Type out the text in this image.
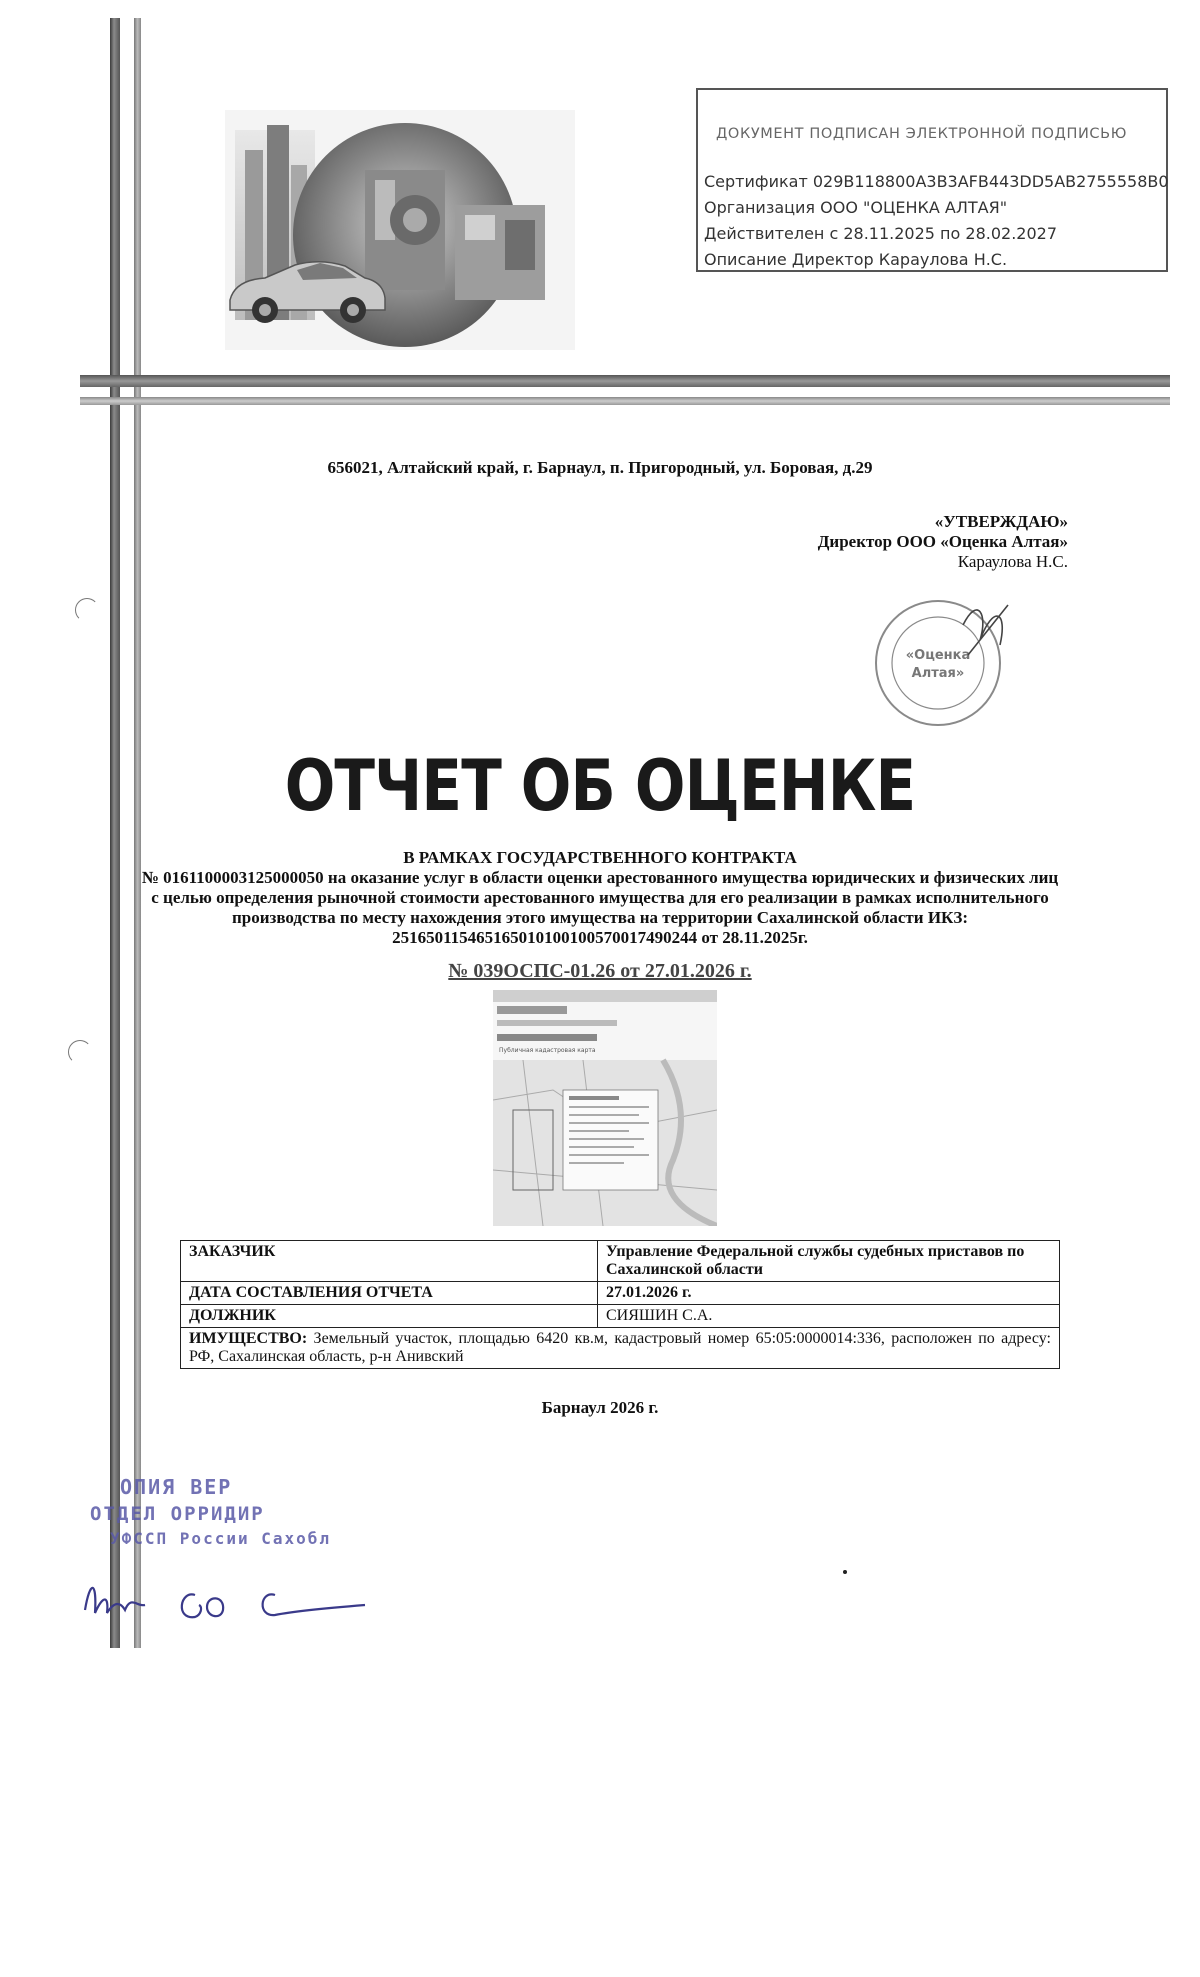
ДОКУМЕНТ ПОДПИСАН ЭЛЕКТРОННОЙ ПОДПИСЬЮ
Сертификат 029B118800A3B3AFB443DD5AB2755558B0
Организация ООО "ОЦЕНКА АЛТАЯ"
Действителен с 28.11.2025 по 28.02.2027
Описание Директор Караулова Н.С.
656021, Алтайский край, г. Барнаул, п. Пригородный, ул. Боровая, д.29
«УТВЕРЖДАЮ»
Директор ООО «Оценка Алтая»
Караулова Н.С.
«Оценка
Алтая»
ОТЧЕТ ОБ ОЦЕНКЕ
В РАМКАХ ГОСУДАРСТВЕННОГО КОНТРАКТА
№ 0161100003125000050 на оказание услуг в области оценки арестованного имущества юридических и физических лиц с целью определения рыночной стоимости арестованного имущества для его реализации в рамках исполнительного производства по месту нахождения этого имущества на территории Сахалинской области ИКЗ: 251650115465165010100100570017490244 от 28.11.2025г.
№ 039ОСПС-01.26 от 27.01.2026 г.
Публичная кадастровая карта
ЗАКАЗЧИК	Управление Федеральной службы судебных приставов по Сахалинской области
ДАТА СОСТАВЛЕНИЯ ОТЧЕТА	27.01.2026 г.
ДОЛЖНИК	СИЯШИН С.А.
ИМУЩЕСТВО: Земельный участок, площадью 6420 кв.м, кадастровый номер 65:05:0000014:336, расположен по адресу: РФ, Сахалинская область, р-н Анивский	
Барнаул 2026 г.
ОПИЯ ВЕР
ОТДЕЛ ОРРИДИР
УФССП России Сахобл
